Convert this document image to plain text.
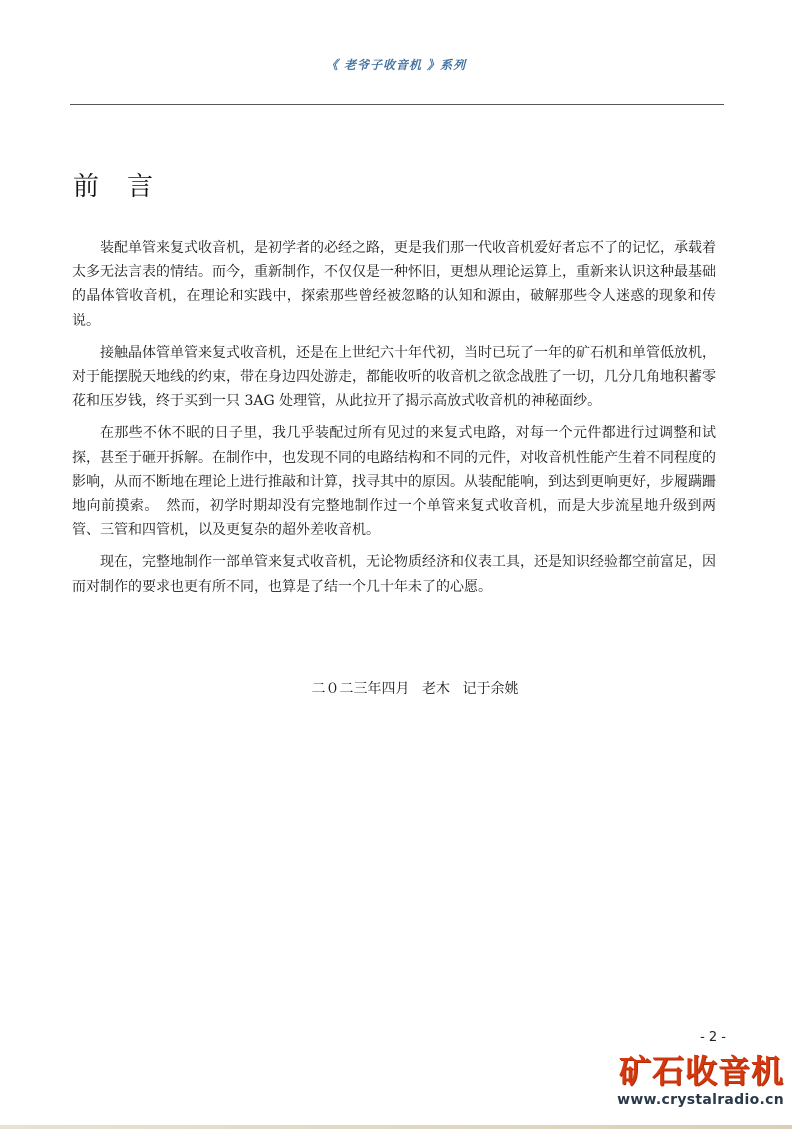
《 老爷子收音机 》系列
前言

装配单管来复式收音机，是初学者的必经之路，更是我们那一代收音机爱好者忘不了的记忆，承载着太多无法言表的情结。而今，重新制作，不仅仅是一种怀旧，更想从理论运算上，重新来认识这种最基础的晶体管收音机，在理论和实践中，探索那些曾经被忽略的认知和源由，破解那些令人迷惑的现象和传说。

接触晶体管单管来复式收音机，还是在上世纪六十年代初，当时已玩了一年的矿石机和单管低放机，对于能摆脱天地线的约束，带在身边四处游走，都能收听的收音机之欲念战胜了一切，几分几角地积蓄零花和压岁钱，终于买到一只 3AG 处理管，从此拉开了揭示高放式收音机的神秘面纱。

在那些不休不眠的日子里，我几乎装配过所有见过的来复式电路，对每一个元件都进行过调整和试探，甚至于砸开拆解。在制作中，也发现不同的电路结构和不同的元件，对收音机性能产生着不同程度的影响，从而不断地在理论上进行推敲和计算，找寻其中的原因。从装配能响，到达到更响更好，步履蹒跚地向前摸索。　然而，初学时期却没有完整地制作过一个单管来复式收音机，而是大步流星地升级到两管、三管和四管机，以及更复杂的超外差收音机。

现在，完整地制作一部单管来复式收音机，无论物质经济和仪表工具，还是知识经验都空前富足，因而对制作的要求也更有所不同，也算是了结一个几十年未了的心愿。

二０二三年四月 老木 记于余姚
- 2 -
矿石收音机
www.crystalradio.cn
